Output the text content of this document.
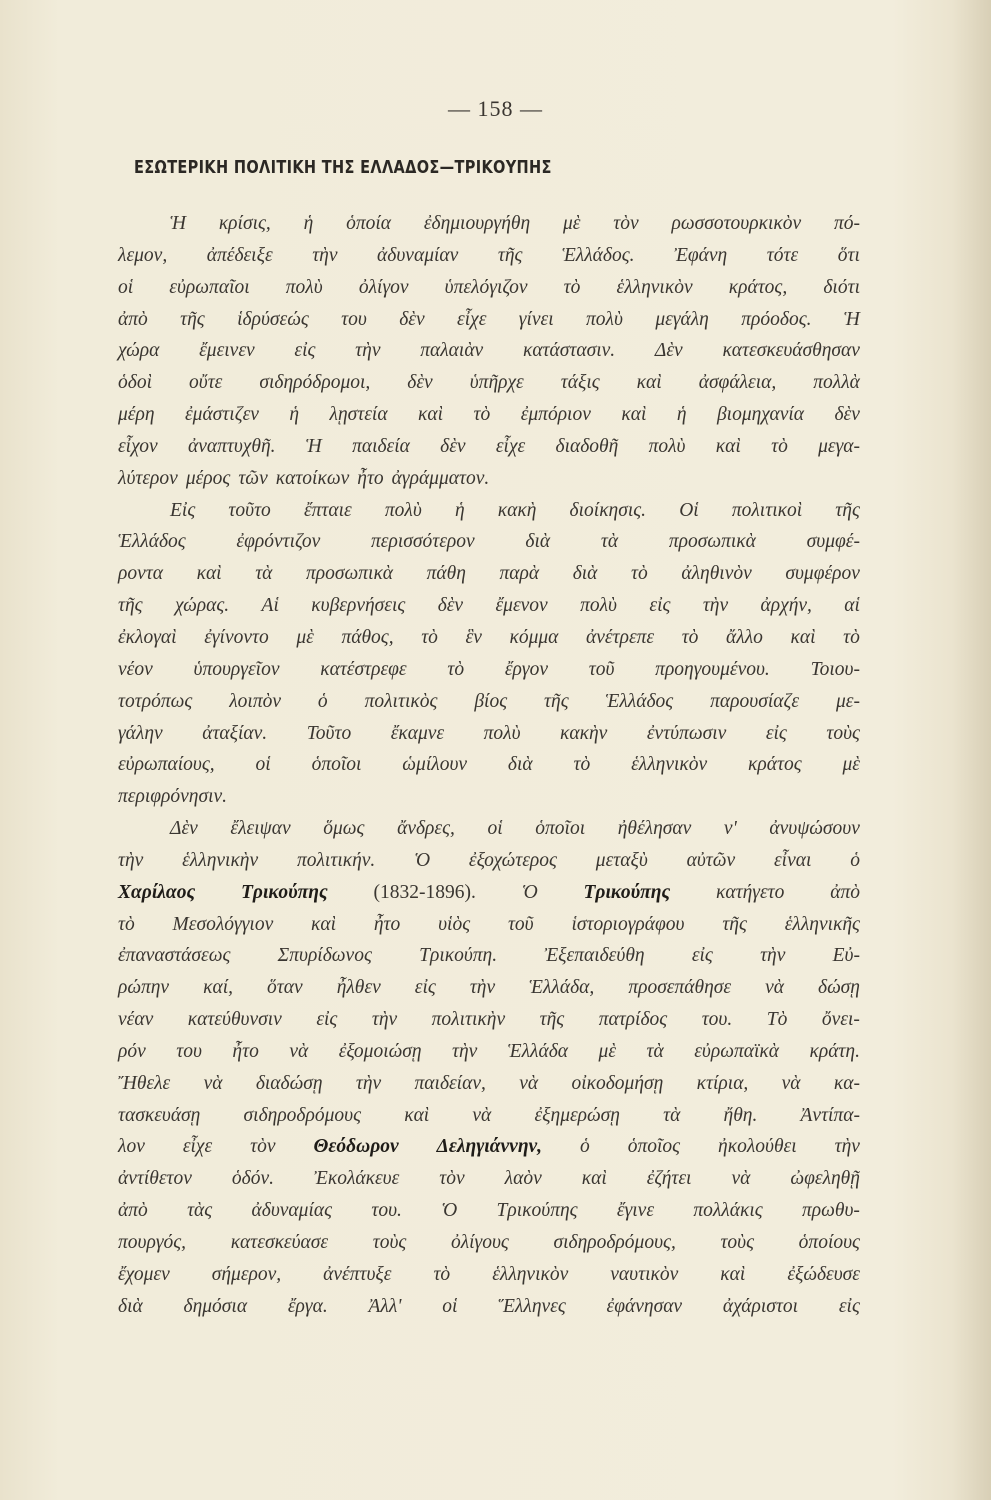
— 158 —
ΕΣΩΤΕΡΙΚΗ ΠΟΛΙΤΙΚΗ ΤΗΣ ΕΛΛΑΔΟΣ—ΤΡΙΚΟΥΠΗΣ
Ἡ κρίσις, ἡ ὁποία ἐδημιουργήθη μὲ τὸν ρωσσοτουρκικὸν πό-
λεμον, ἀπέδειξε τὴν ἀδυναμίαν τῆς Ἑλλάδος. Ἐφάνη τότε ὅτι
οἱ εὐρωπαῖοι πολὺ ὀλίγον ὑπελόγιζον τὸ ἑλληνικὸν κράτος, διότι
ἀπὸ τῆς ἱδρύσεώς του δὲν εἶχε γίνει πολὺ μεγάλη πρόοδος. Ἡ
χώρα ἔμεινεν εἰς τὴν παλαιὰν κατάστασιν. Δὲν κατεσκευάσθησαν
ὁδοὶ οὔτε σιδηρόδρομοι, δὲν ὑπῆρχε τάξις καὶ ἀσφάλεια, πολλὰ
μέρη ἐμάστιζεν ἡ λῃστεία καὶ τὸ ἐμπόριον καὶ ἡ βιομηχανία δὲν
εἶχον ἀναπτυχθῆ. Ἡ παιδεία δὲν εἶχε διαδοθῆ πολὺ καὶ τὸ μεγα-
λύτερον μέρος τῶν κατοίκων ἦτο ἀγράμματον.
Εἰς τοῦτο ἔπταιε πολὺ ἡ κακὴ διοίκησις. Οἱ πολιτικοὶ τῆς
Ἑλλάδος	ἐφρόντιζον	περισσότερον	διὰ	τὰ	προσωπικὰ	συμφέ-
ροντα καὶ τὰ προσωπικὰ πάθη παρὰ διὰ τὸ ἀληθινὸν συμφέρον
τῆς χώρας. Αἱ κυβερνήσεις δὲν ἔμενον πολὺ εἰς τὴν ἀρχήν, αἱ
ἐκλογαὶ ἐγίνοντο μὲ πάθος, τὸ ἓν κόμμα ἀνέτρεπε τὸ ἄλλο καὶ τὸ
νέον ὑπουργεῖον κατέστρεφε τὸ ἔργον τοῦ προηγουμένου. Τοιου-
τοτρόπως λοιπὸν ὁ πολιτικὸς βίος τῆς Ἑλλάδος παρουσίαζε με-
γάλην ἀταξίαν. Τοῦτο ἔκαμνε πολὺ κακὴν ἐντύπωσιν εἰς τοὺς
εὐρωπαίους, οἱ ὁποῖοι ὡμίλουν διὰ τὸ ἑλληνικὸν κράτος μὲ
περιφρόνησιν.
Δὲν ἔλειψαν ὅμως ἄνδρες, οἱ ὁποῖοι ἠθέλησαν ν' ἀνυψώσουν
τὴν ἑλληνικὴν πολιτικήν. Ὁ ἐξοχώτερος μεταξὺ αὐτῶν εἶναι ὁ
Χαρίλαος Τρικούπης (1832-1896). Ὁ Τρικούπης κατήγετο ἀπὸ
τὸ Μεσολόγγιον καὶ ἦτο υἱὸς τοῦ ἱστοριογράφου τῆς ἑλληνικῆς
ἐπαναστάσεως Σπυρίδωνος Τρικούπη. Ἐξεπαιδεύθη εἰς τὴν Εὐ-
ρώπην καί, ὅταν ἦλθεν εἰς τὴν Ἑλλάδα, προσεπάθησε νὰ δώσῃ
νέαν κατεύθυνσιν εἰς τὴν πολιτικὴν τῆς πατρίδος του. Τὸ ὄνει-
ρόν του ἦτο νὰ ἐξομοιώσῃ τὴν Ἑλλάδα μὲ τὰ εὐρωπαϊκὰ κράτη.
Ἤθελε νὰ διαδώσῃ τὴν παιδείαν, νὰ οἰκοδομήσῃ κτίρια, νὰ κα-
τασκευάσῃ σιδηροδρόμους καὶ νὰ ἐξημερώσῃ τὰ ἤθη. Ἀντίπα-
λον εἶχε τὸν Θεόδωρον Δεληγιάννην, ὁ ὁποῖος ἠκολούθει τὴν
ἀντίθετον ὁδόν. Ἐκολάκευε τὸν λαὸν καὶ ἐζήτει νὰ ὠφεληθῇ
ἀπὸ τὰς ἀδυναμίας του. Ὁ Τρικούπης ἔγινε πολλάκις πρωθυ-
πουργός, κατεσκεύασε τοὺς ὀλίγους σιδηροδρόμους, τοὺς ὁποίους
ἔχομεν σήμερον, ἀνέπτυξε τὸ ἑλληνικὸν ναυτικὸν καὶ ἐξώδευσε
διὰ δημόσια ἔργα. Ἀλλ' οἱ Ἕλληνες ἐφάνησαν ἀχάριστοι εἰς
